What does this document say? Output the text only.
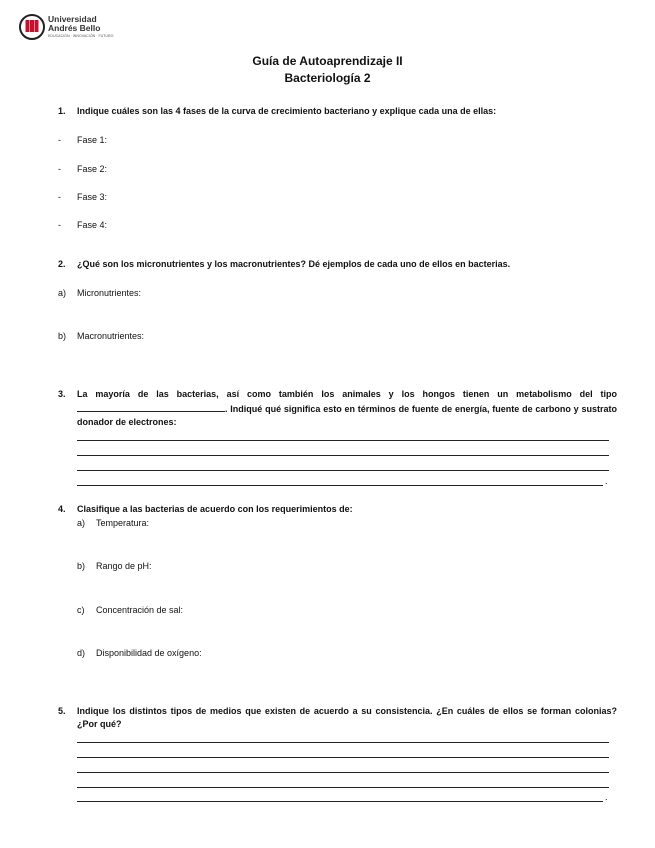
Universidad
Andrés Bello
EDUCACIÓN · INNOVACIÓN · FUTURO
Guía de Autoaprendizaje II
Bacteriología 2
1. Indique cuáles son las 4 fases de la curva de crecimiento bacteriano y explique cada una de ellas:
- Fase 1:
- Fase 2:
- Fase 3:
- Fase 4:
2. ¿Qué son los micronutrientes y los macronutrientes? Dé ejemplos de cada uno de ellos en bacterias.
a) Micronutrientes:
b) Macronutrientes:
3. La mayoría de las bacterias, así como también los animales y los hongos tienen un metabolismo del tipo . Indiqué qué significa esto en términos de fuente de energía, fuente de carbono y sustrato donador de electrones:
.
4. Clasifique a las bacterias de acuerdo con los requerimientos de:
a) Temperatura:
b) Rango de pH:
c) Concentración de sal:
d) Disponibilidad de oxígeno:
5. Indique los distintos tipos de medios que existen de acuerdo a su consistencia. ¿En cuáles de ellos se forman colonias? ¿Por qué?
.
